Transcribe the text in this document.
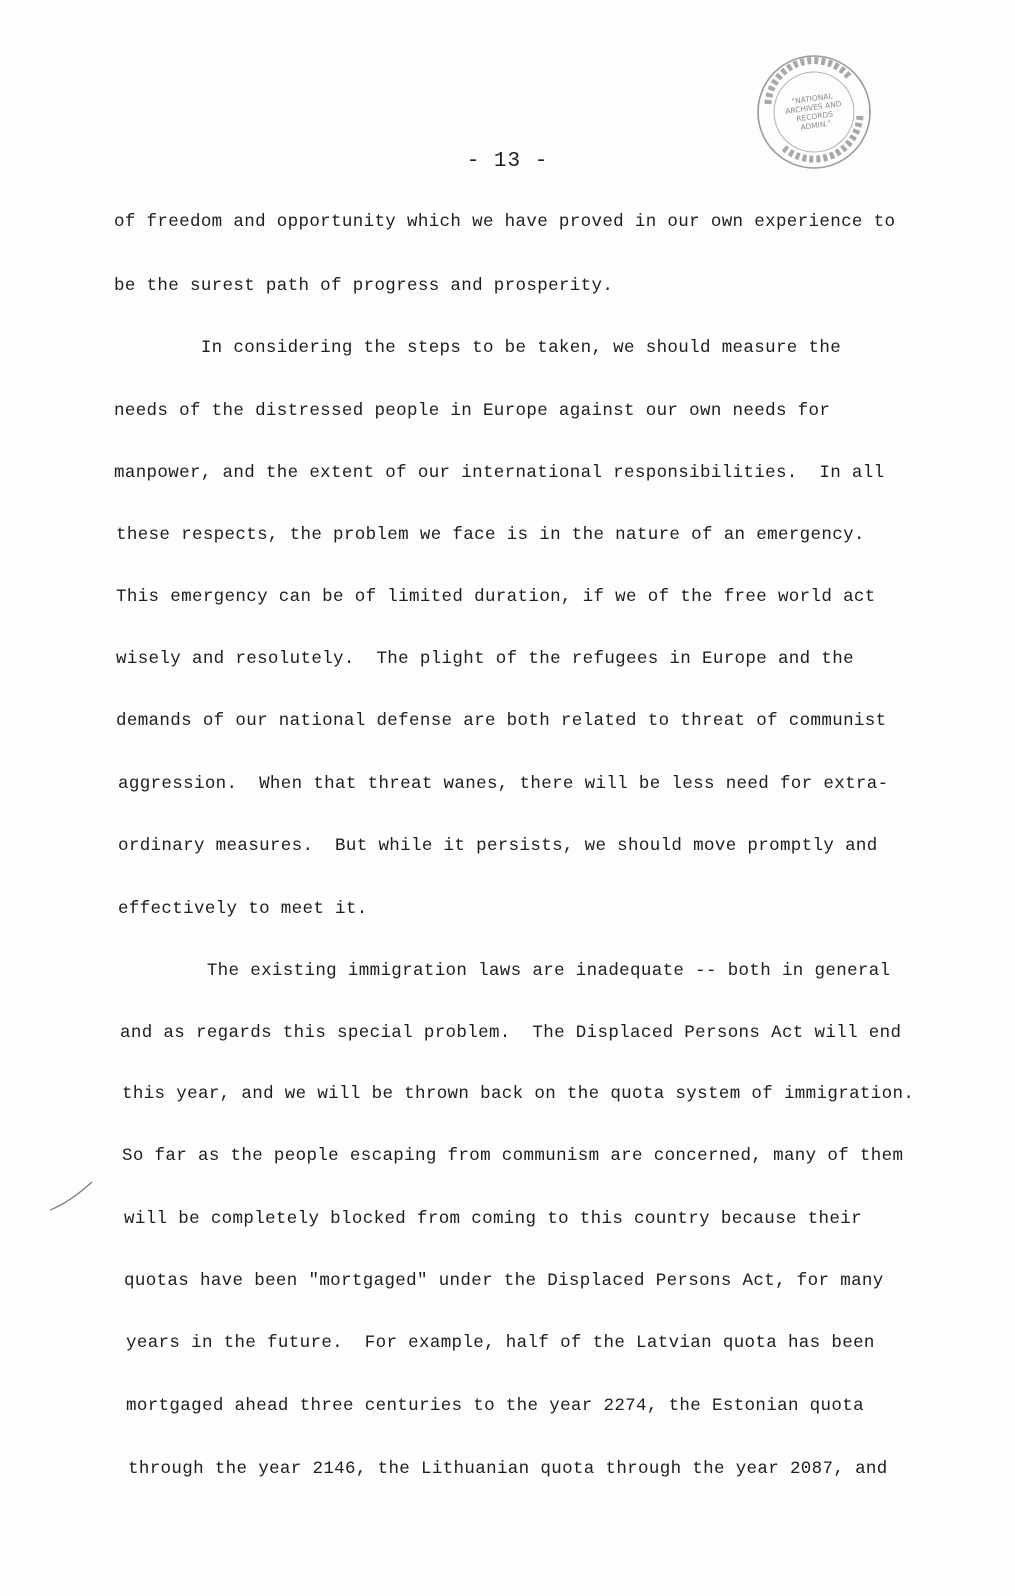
"NATIONAL
ARCHIVES AND
RECORDS
ADMIN."
- 13 -
of freedom and opportunity which we have proved in our own experience to
be the surest path of progress and prosperity.
In considering the steps to be taken, we should measure the
needs of the distressed people in Europe against our own needs for
manpower, and the extent of our international responsibilities.  In all
these respects, the problem we face is in the nature of an emergency.
This emergency can be of limited duration, if we of the free world act
wisely and resolutely.  The plight of the refugees in Europe and the
demands of our national defense are both related to threat of communist
aggression.  When that threat wanes, there will be less need for extra-
ordinary measures.  But while it persists, we should move promptly and
effectively to meet it.
The existing immigration laws are inadequate -- both in general
and as regards this special problem.  The Displaced Persons Act will end
this year, and we will be thrown back on the quota system of immigration.
So far as the people escaping from communism are concerned, many of them
will be completely blocked from coming to this country because their
quotas have been "mortgaged" under the Displaced Persons Act, for many
years in the future.  For example, half of the Latvian quota has been
mortgaged ahead three centuries to the year 2274, the Estonian quota
through the year 2146, the Lithuanian quota through the year 2087, and
